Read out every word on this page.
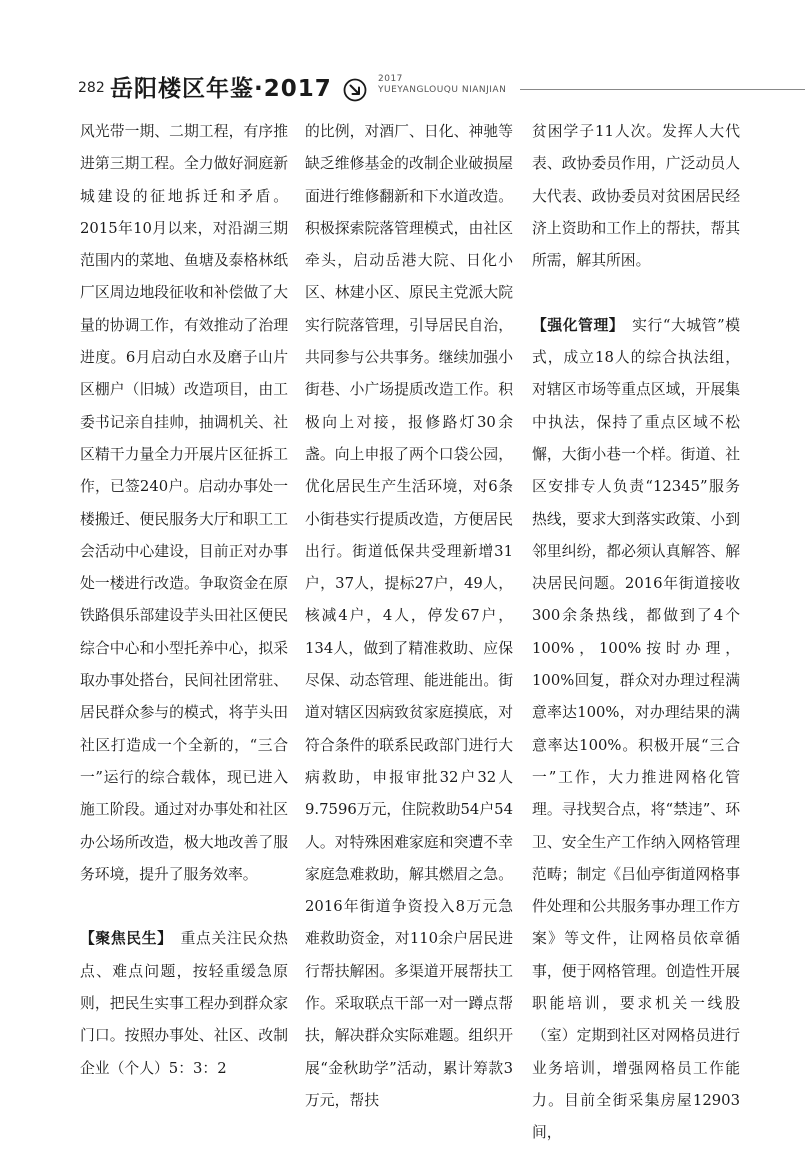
282 岳阳楼区年鉴·2017	2017
YUEYANGLOUQU NIANJIAN

风光带一期、二期工程，有序推进第三期工程。全力做好洞庭新城建设的征地拆迁和矛盾。2015年10月以来，对沿湖三期范围内的菜地、鱼塘及泰格林纸厂区周边地段征收和补偿做了大量的协调工作，有效推动了治理进度。6月启动白水及磨子山片区棚户（旧城）改造项目，由工委书记亲自挂帅，抽调机关、社区精干力量全力开展片区征拆工作，已签240户。启动办事处一楼搬迁、便民服务大厅和职工工会活动中心建设，目前正对办事处一楼进行改造。争取资金在原铁路俱乐部建设芋头田社区便民综合中心和小型托养中心，拟采取办事处搭台，民间社团常驻、居民群众参与的模式，将芋头田社区打造成一个全新的，“三合一”运行的综合载体，现已进入施工阶段。通过对办事处和社区办公场所改造，极大地改善了服务环境，提升了服务效率。

【聚焦民生】　 重点关注民众热点、难点问题，按轻重缓急原则，把民生实事工程办到群众家门口。按照办事处、社区、改制企业（个人）5：3：2

的比例，对酒厂、日化、神驰等缺乏维修基金的改制企业破损屋面进行维修翻新和下水道改造。积极探索院落管理模式，由社区牵头，启动岳港大院、日化小区、林建小区、原民主党派大院实行院落管理，引导居民自治，共同参与公共事务。继续加强小街巷、小广场提质改造工作。积极向上对接，报修路灯30余盏。向上申报了两个口袋公园，优化居民生产生活环境，对6条小街巷实行提质改造，方便居民出行。街道低保共受理新增31户，37人，提标27户，49人，核减4户，4人，停发67户，134人，做到了精准救助、应保尽保、动态管理、能进能出。街道对辖区因病致贫家庭摸底，对符合条件的联系民政部门进行大病救助，申报审批32户32人9.7596万元，住院救助54户54人。对特殊困难家庭和突遭不幸家庭急难救助，解其燃眉之急。2016年街道争资投入8万元急难救助资金，对110余户居民进行帮扶解困。多渠道开展帮扶工作。采取联点干部一对一蹲点帮扶，解决群众实际难题。组织开展“金秋助学”活动，累计筹款3万元，帮扶

贫困学子11人次。发挥人大代表、政协委员作用，广泛动员人大代表、政协委员对贫困居民经济上资助和工作上的帮扶，帮其所需，解其所困。

【强化管理】　 实行“大城管”模式，成立18人的综合执法组，对辖区市场等重点区域，开展集中执法，保持了重点区域不松懈，大街小巷一个样。街道、社区安排专人负责“12345”服务热线，要求大到落实政策、小到邻里纠纷，都必须认真解答、解决居民问题。2016年街道接收300余条热线，都做到了4个100%，100%按时办理，100%回复，群众对办理过程满意率达100%，对办理结果的满意率达100%。积极开展“三合一”工作，大力推进网格化管理。寻找契合点，将“禁违”、环卫、安全生产工作纳入网格管理范畴；制定《吕仙亭街道网格事件处理和公共服务事办理工作方案》等文件，让网格员依章循事，便于网格管理。创造性开展职能培训，要求机关一线股（室）定期到社区对网格员进行业务培训，增强网格员工作能力。目前全街采集房屋12903间，
